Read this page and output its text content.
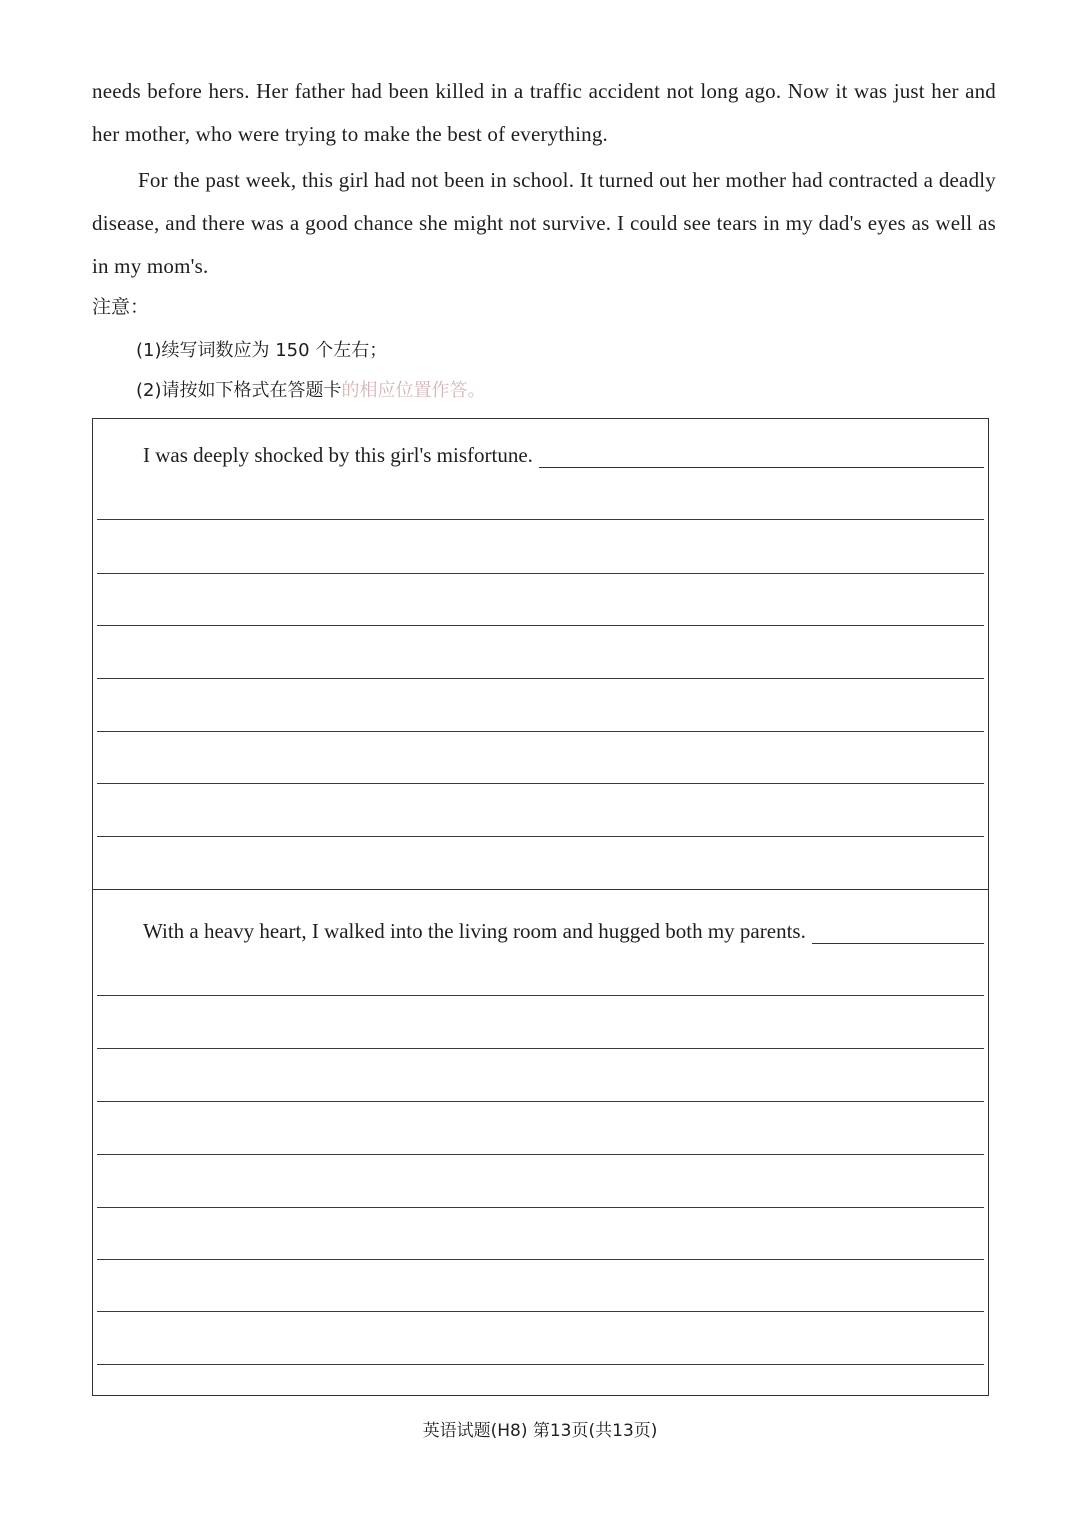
needs before hers. Her father had been killed in a traffic accident not long ago. Now it was just her and her mother, who were trying to make the best of everything.

For the past week, this girl had not been in school. It turned out her mother had contracted a deadly disease, and there was a good chance she might not survive. I could see tears in my dad's eyes as well as in my mom's.

注意：

(1)续写词数应为 150 个左右；

(2)请按如下格式在答题卡的相应位置作答。

I was deeply shocked by this girl's misfortune.
With a heavy heart, I walked into the living room and hugged both my parents.

英语试题(H8) 第13页(共13页)
